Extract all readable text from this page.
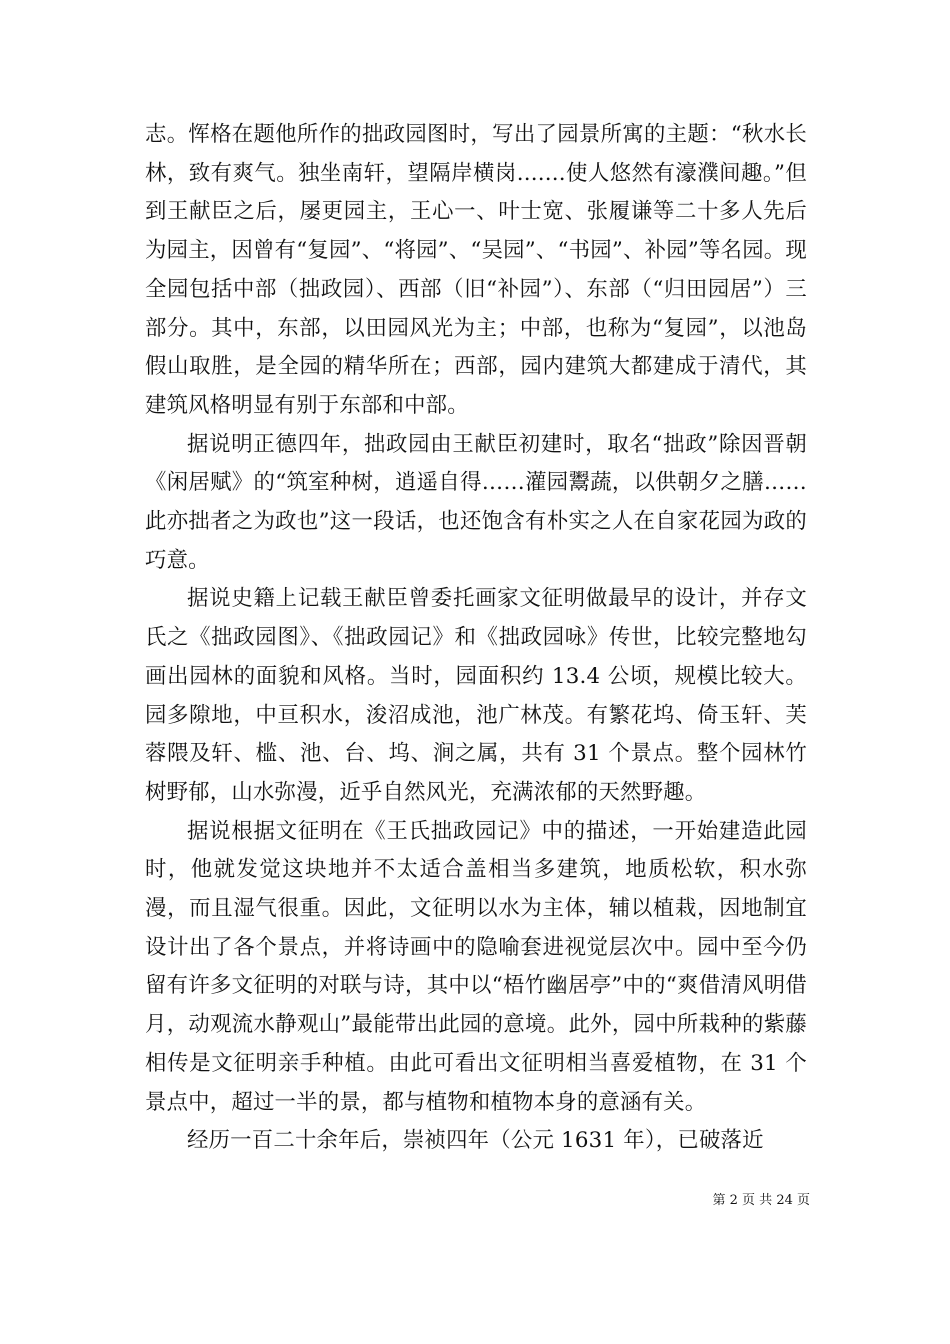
志。恽格在题他所作的拙政园图时，写出了园景所寓的主题：“秋水长林，致有爽气。独坐南轩，望隔岸横岗.......使人悠然有濠濮间趣。”但到王献臣之后，屡更园主，王心一、叶士宽、张履谦等二十多人先后为园主，因曾有“复园”、“将园”、“吴园”、“书园”、补园”等名园。现全园包括中部（拙政园）、西部（旧“补园”）、东部（“归田园居”）三部分。其中，东部，以田园风光为主；中部，也称为“复园”，以池岛假山取胜，是全园的精华所在；西部，园内建筑大都建成于清代，其建筑风格明显有别于东部和中部。

据说明正德四年，拙政园由王献臣初建时，取名“拙政”除因晋朝《闲居赋》的“筑室种树，逍遥自得……灌园鬻蔬，以供朝夕之膳……此亦拙者之为政也”这一段话，也还饱含有朴实之人在自家花园为政的巧意。

据说史籍上记载王献臣曾委托画家文征明做最早的设计，并存文氏之《拙政园图》、《拙政园记》和《拙政园咏》传世，比较完整地勾画出园林的面貌和风格。当时，园面积约 13.4 公顷，规模比较大。园多隙地，中亘积水，浚沼成池，池广林茂。有繁花坞、倚玉轩、芙蓉隈及轩、槛、池、台、坞、涧之属，共有 31 个景点。整个园林竹树野郁，山水弥漫，近乎自然风光，充满浓郁的天然野趣。

据说根据文征明在《王氏拙政园记》中的描述，一开始建造此园时，他就发觉这块地并不太适合盖相当多建筑，地质松软，积水弥漫，而且湿气很重。因此，文征明以水为主体，辅以植栽，因地制宜设计出了各个景点，并将诗画中的隐喻套进视觉层次中。园中至今仍留有许多文征明的对联与诗，其中以“梧竹幽居亭”中的“爽借清风明借月，动观流水静观山”最能带出此园的意境。此外，园中所栽种的紫藤相传是文征明亲手种植。由此可看出文征明相当喜爱植物，在 31 个景点中，超过一半的景，都与植物和植物本身的意涵有关。

经历一百二十余年后，崇祯四年（公元 1631 年），已破落近

第 2 页 共 24 页
